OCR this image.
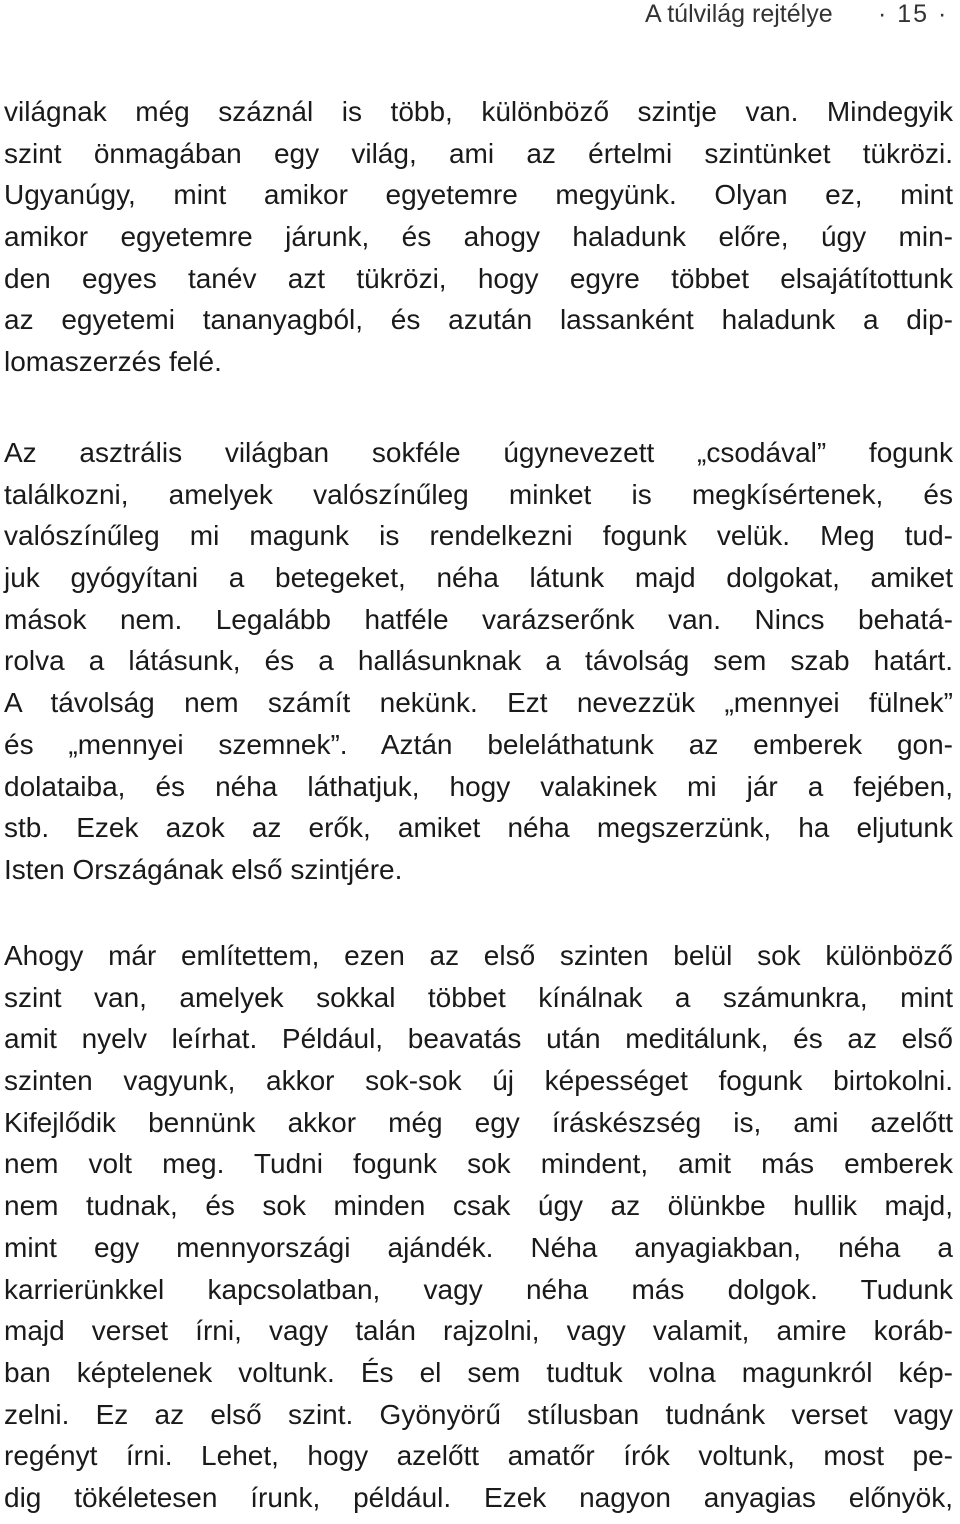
A túlvilág rejtélye · 15 ·
világnak még száznál is több, különböző szintje van. Mindegyik
szint önmagában egy világ, ami az értelmi szintünket tükrözi.
Ugyanúgy, mint amikor egyetemre megyünk. Olyan ez, mint
amikor egyetemre járunk, és ahogy haladunk előre, úgy min-
den egyes tanév azt tükrözi, hogy egyre többet elsajátítottunk
az egyetemi tananyagból, és azután lassanként haladunk a dip-
lomaszerzés felé.
Az asztrális világban sokféle úgynevezett „csodával” fogunk
találkozni, amelyek valószínűleg minket is megkísértenek, és
valószínűleg mi magunk is rendelkezni fogunk velük. Meg tud-
juk gyógyítani a betegeket, néha látunk majd dolgokat, amiket
mások nem. Legalább hatféle varázserőnk van. Nincs behatá-
rolva a látásunk, és a hallásunknak a távolság sem szab határt.
A távolság nem számít nekünk. Ezt nevezzük „mennyei fülnek”
és „mennyei szemnek”. Aztán beleláthatunk az emberek gon-
dolataiba, és néha láthatjuk, hogy valakinek mi jár a fejében,
stb. Ezek azok az erők, amiket néha megszerzünk, ha eljutunk
Isten Országának első szintjére.
Ahogy már említettem, ezen az első szinten belül sok különböző
szint van, amelyek sokkal többet kínálnak a számunkra, mint
amit nyelv leírhat. Például, beavatás után meditálunk, és az első
szinten vagyunk, akkor sok-sok új képességet fogunk birtokolni.
Kifejlődik bennünk akkor még egy íráskészség is, ami azelőtt
nem volt meg. Tudni fogunk sok mindent, amit más emberek
nem tudnak, és sok minden csak úgy az ölünkbe hullik majd,
mint egy mennyországi ajándék. Néha anyagiakban, néha a
karrierünkkel kapcsolatban, vagy néha más dolgok. Tudunk
majd verset írni, vagy talán rajzolni, vagy valamit, amire koráb-
ban képtelenek voltunk. És el sem tudtuk volna magunkról kép-
zelni. Ez az első szint. Gyönyörű stílusban tudnánk verset vagy
regényt írni. Lehet, hogy azelőtt amatőr írók voltunk, most pe-
dig tökéletesen írunk, például. Ezek nagyon anyagias előnyök,
